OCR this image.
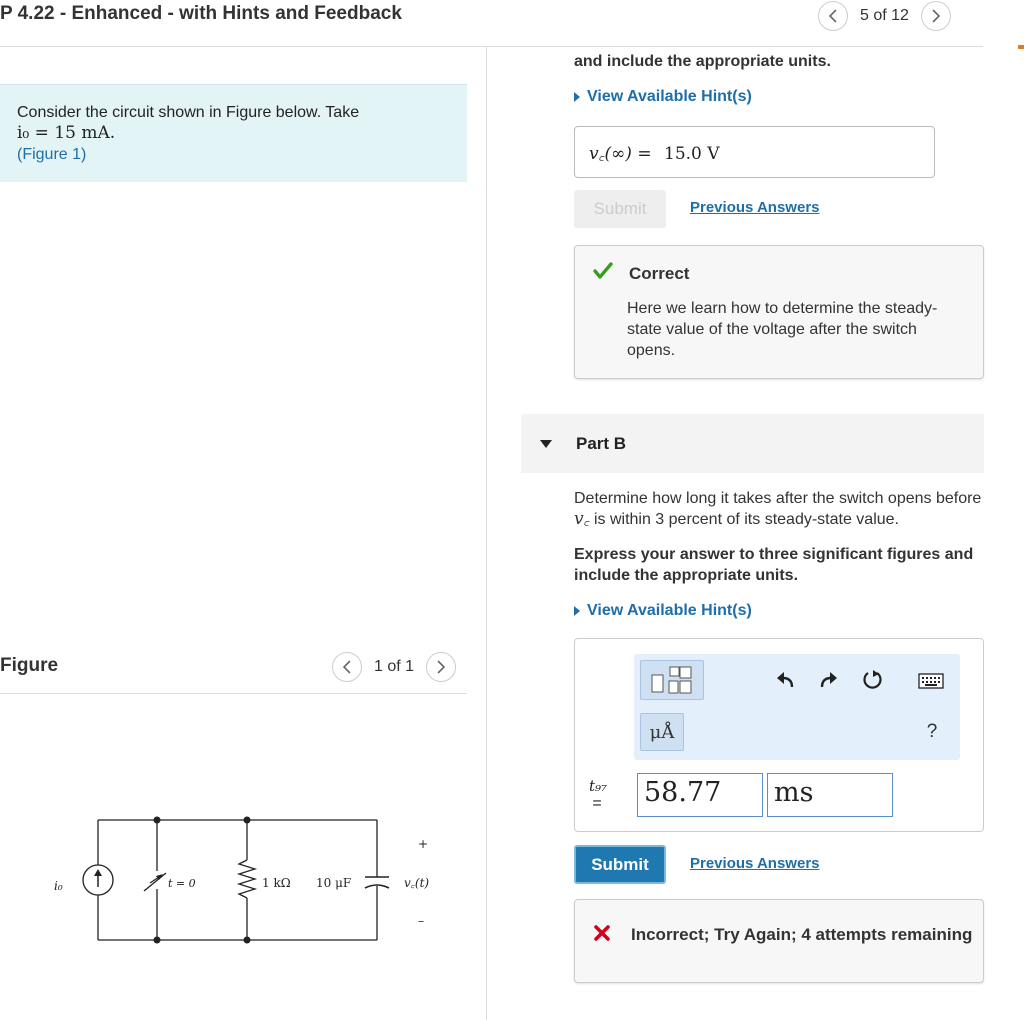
P 4.22 - Enhanced - with Hints and Feedback	5 of 12
Consider the circuit shown in Figure below. Take
i₀ = 15 mA.
(Figure 1)
Figure	1 of 1
i₀	t = 0	1 kΩ 10 μF	v꜀(t)
+
–
and include the appropriate units.
View Available Hint(s)
v꜀(∞) = 15.0 V
Submit	Previous Answers
Correct
Here we learn how to determine the steady-state value of the voltage after the switch opens.
Part B
Determine how long it takes after the switch opens before v꜀ is within 3 percent of its steady-state value.
Express your answer to three significant figures and include the appropriate units.
View Available Hint(s)
μÅ	?
t₉₇
= 58.77	ms
Submit	Previous Answers
Incorrect; Try Again; 4 attempts remaining
